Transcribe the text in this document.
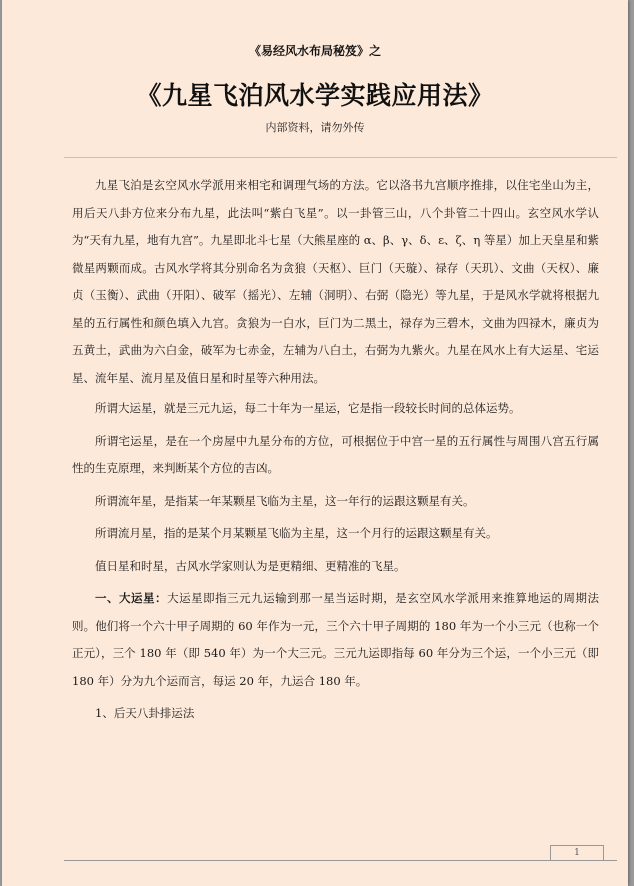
《易经风水布局秘笈》之
《九星飞泊风水学实践应用法》
内部资料，请勿外传

九星飞泊是玄空风水学派用来相宅和调理气场的方法。它以洛书九宫顺序推排，以住宅坐山为主，用后天八卦方位来分布九星，此法叫“紫白飞星”。以一卦管三山，八个卦管二十四山。玄空风水学认为“天有九星，地有九宫”。九星即北斗七星（大熊星座的 α、β、γ、δ、ε、ζ、η 等星）加上天皇星和紫微星两颗而成。古风水学将其分别命名为贪狼（天枢）、巨门（天璇）、禄存（天玑）、文曲（天权）、廉贞（玉衡）、武曲（开阳）、破军（摇光）、左辅（洞明）、右弼（隐光）等九星，于是风水学就将根据九星的五行属性和颜色填入九宫。贪狼为一白水，巨门为二黑土，禄存为三碧木，文曲为四禄木，廉贞为五黄土，武曲为六白金，破军为七赤金，左辅为八白土，右弼为九紫火。九星在风水上有大运星、宅运星、流年星、流月星及值日星和时星等六种用法。

所谓大运星，就是三元九运，每二十年为一星运，它是指一段较长时间的总体运势。

所谓宅运星，是在一个房屋中九星分布的方位，可根据位于中宫一星的五行属性与周围八宫五行属性的生克原理，来判断某个方位的吉凶。

所谓流年星，是指某一年某颗星飞临为主星，这一年行的运跟这颗星有关。

所谓流月星，指的是某个月某颗星飞临为主星，这一个月行的运跟这颗星有关。

值日星和时星，古风水学家则认为是更精细、更精准的飞星。

一、大运星：大运星即指三元九运输到那一星当运时期，是玄空风水学派用来推算地运的周期法则。他们将一个六十甲子周期的 60 年作为一元，三个六十甲子周期的 180 年为一个小三元（也称一个正元），三个 180 年（即 540 年）为一个大三元。三元九运即指每 60 年分为三个运，一个小三元（即 180 年）分为九个运而言，每运 20 年，九运合 180 年。

1、后天八卦排运法

1
